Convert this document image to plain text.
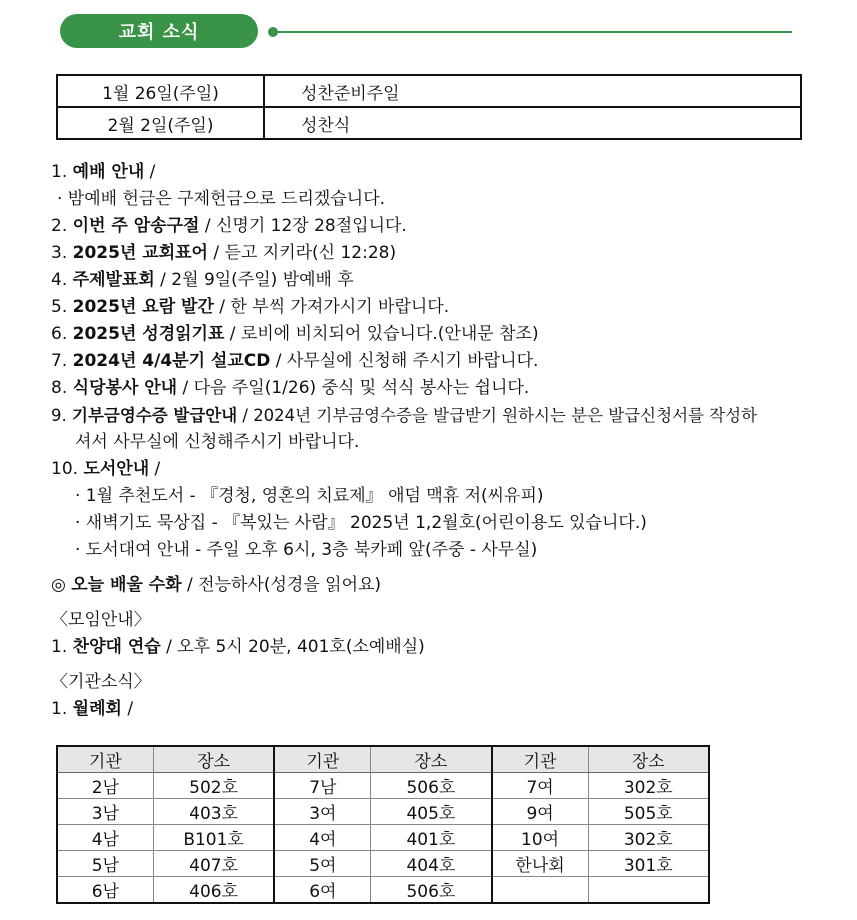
교회 소식
1월 26일(주일)	성찬준비주일
2월 2일(주일)	성찬식
1. 예배 안내 /
· 밤예배 헌금은 구제헌금으로 드리겠습니다.
2. 이번 주 암송구절 / 신명기 12장 28절입니다.
3. 2025년 교회표어 / 듣고 지키라(신 12:28)
4. 주제발표회 / 2월 9일(주일) 밤예배 후
5. 2025년 요람 발간 / 한 부씩 가져가시기 바랍니다.
6. 2025년 성경읽기표 / 로비에 비치되어 있습니다.(안내문 참조)
7. 2024년 4/4분기 설교CD / 사무실에 신청해 주시기 바랍니다.
8. 식당봉사 안내 / 다음 주일(1/26) 중식 및 석식 봉사는 쉽니다.
9. 기부금영수증 발급안내 / 2024년 기부금영수증을 발급받기 원하시는 분은 발급신청서를 작성하
셔서 사무실에 신청해주시기 바랍니다.
10. 도서안내 /
· 1월 추천도서 - 『경청, 영혼의 치료제』 애덤 맥휴 저(씨유피)
· 새벽기도 묵상집 - 『복있는 사람』 2025년 1,2월호(어린이용도 있습니다.)
· 도서대여 안내 - 주일 오후 6시, 3층 북카페 앞(주중 - 사무실)
◎ 오늘 배울 수화 / 전능하사(성경을 읽어요)
〈모임안내〉
1. 찬양대 연습 / 오후 5시 20분, 401호(소예배실)
〈기관소식〉
1. 월례회 /
기관	장소	기관	장소	기관	장소
2남	502호	7남	506호	7여	302호
3남	403호	3여	405호	9여	505호
4남	B101호	4여	401호	10여	302호
5남	407호	5여	404호	한나회	301호
6남	406호	6여	506호		
